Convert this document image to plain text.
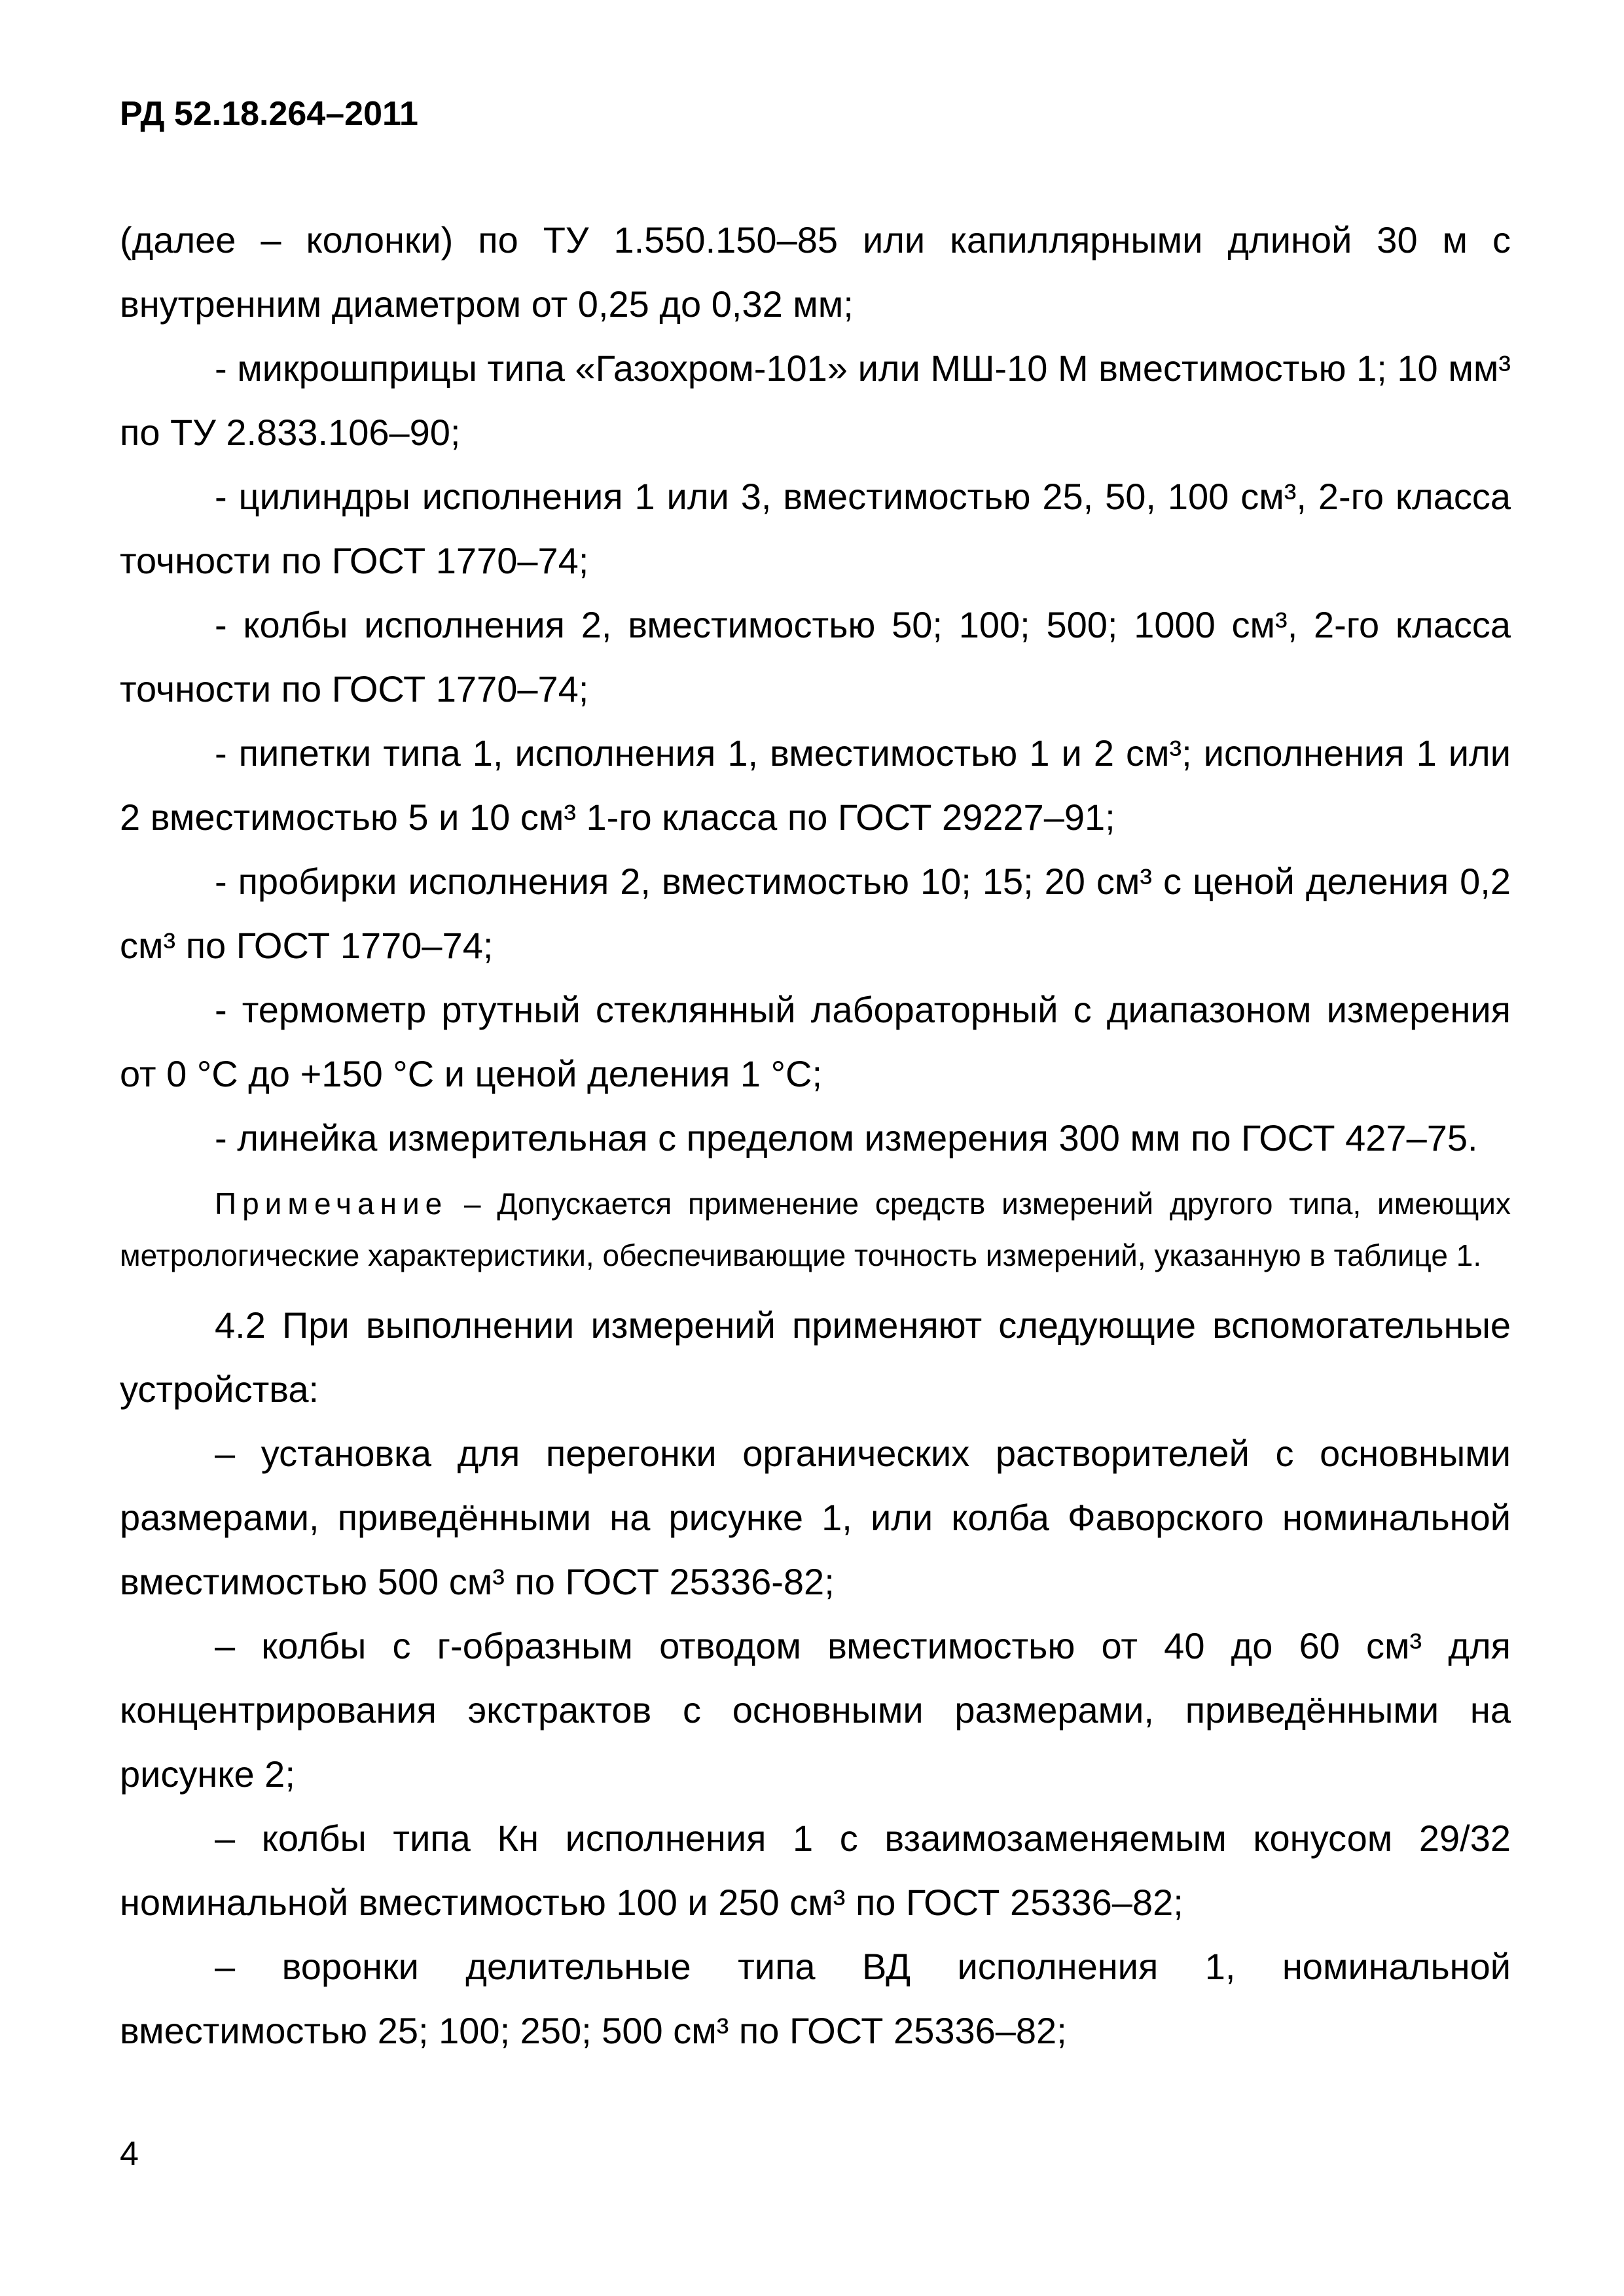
РД 52.18.264–2011

(далее – колонки) по ТУ 1.550.150–85 или капиллярными длиной 30 м с внутренним диаметром от 0,25 до 0,32 мм;

- микрошприцы типа «Газохром-101» или МШ-10 М вместимостью 1; 10 мм³ по ТУ 2.833.106–90;

- цилиндры исполнения 1 или 3, вместимостью 25, 50, 100 см³, 2-го класса точности по ГОСТ 1770–74;

- колбы исполнения 2, вместимостью 50; 100; 500; 1000 см³, 2-го класса точности по ГОСТ 1770–74;

- пипетки типа 1, исполнения 1, вместимостью 1 и 2 см³; исполнения 1 или 2 вместимостью 5 и 10 см³ 1-го класса по ГОСТ 29227–91;

- пробирки исполнения 2, вместимостью 10; 15; 20 см³ с ценой деления 0,2 см³ по ГОСТ 1770–74;

- термометр ртутный стеклянный лабораторный с диапазоном измерения от 0 °С до +150 °С и ценой деления 1 °С;

- линейка измерительная с пределом измерения 300 мм по ГОСТ 427–75.

Примечание – Допускается применение средств измерений другого типа, имеющих метрологические характеристики, обеспечивающие точность измерений, указанную в таблице 1.

4.2 При выполнении измерений применяют следующие вспомогательные устройства:

– установка для перегонки органических растворителей с основными размерами, приведёнными на рисунке 1, или колба Фаворского номинальной вместимостью 500 см³ по ГОСТ 25336-82;

– колбы с г-образным отводом вместимостью от 40 до 60 см³ для концентрирования экстрактов с основными размерами, приведёнными на рисунке 2;

– колбы типа Кн исполнения 1 с взаимозаменяемым конусом 29/32 номинальной вместимостью 100 и 250 см³ по ГОСТ 25336–82;

– воронки делительные типа ВД исполнения 1, номинальной вместимостью 25; 100; 250; 500 см³ по ГОСТ 25336–82;

4
